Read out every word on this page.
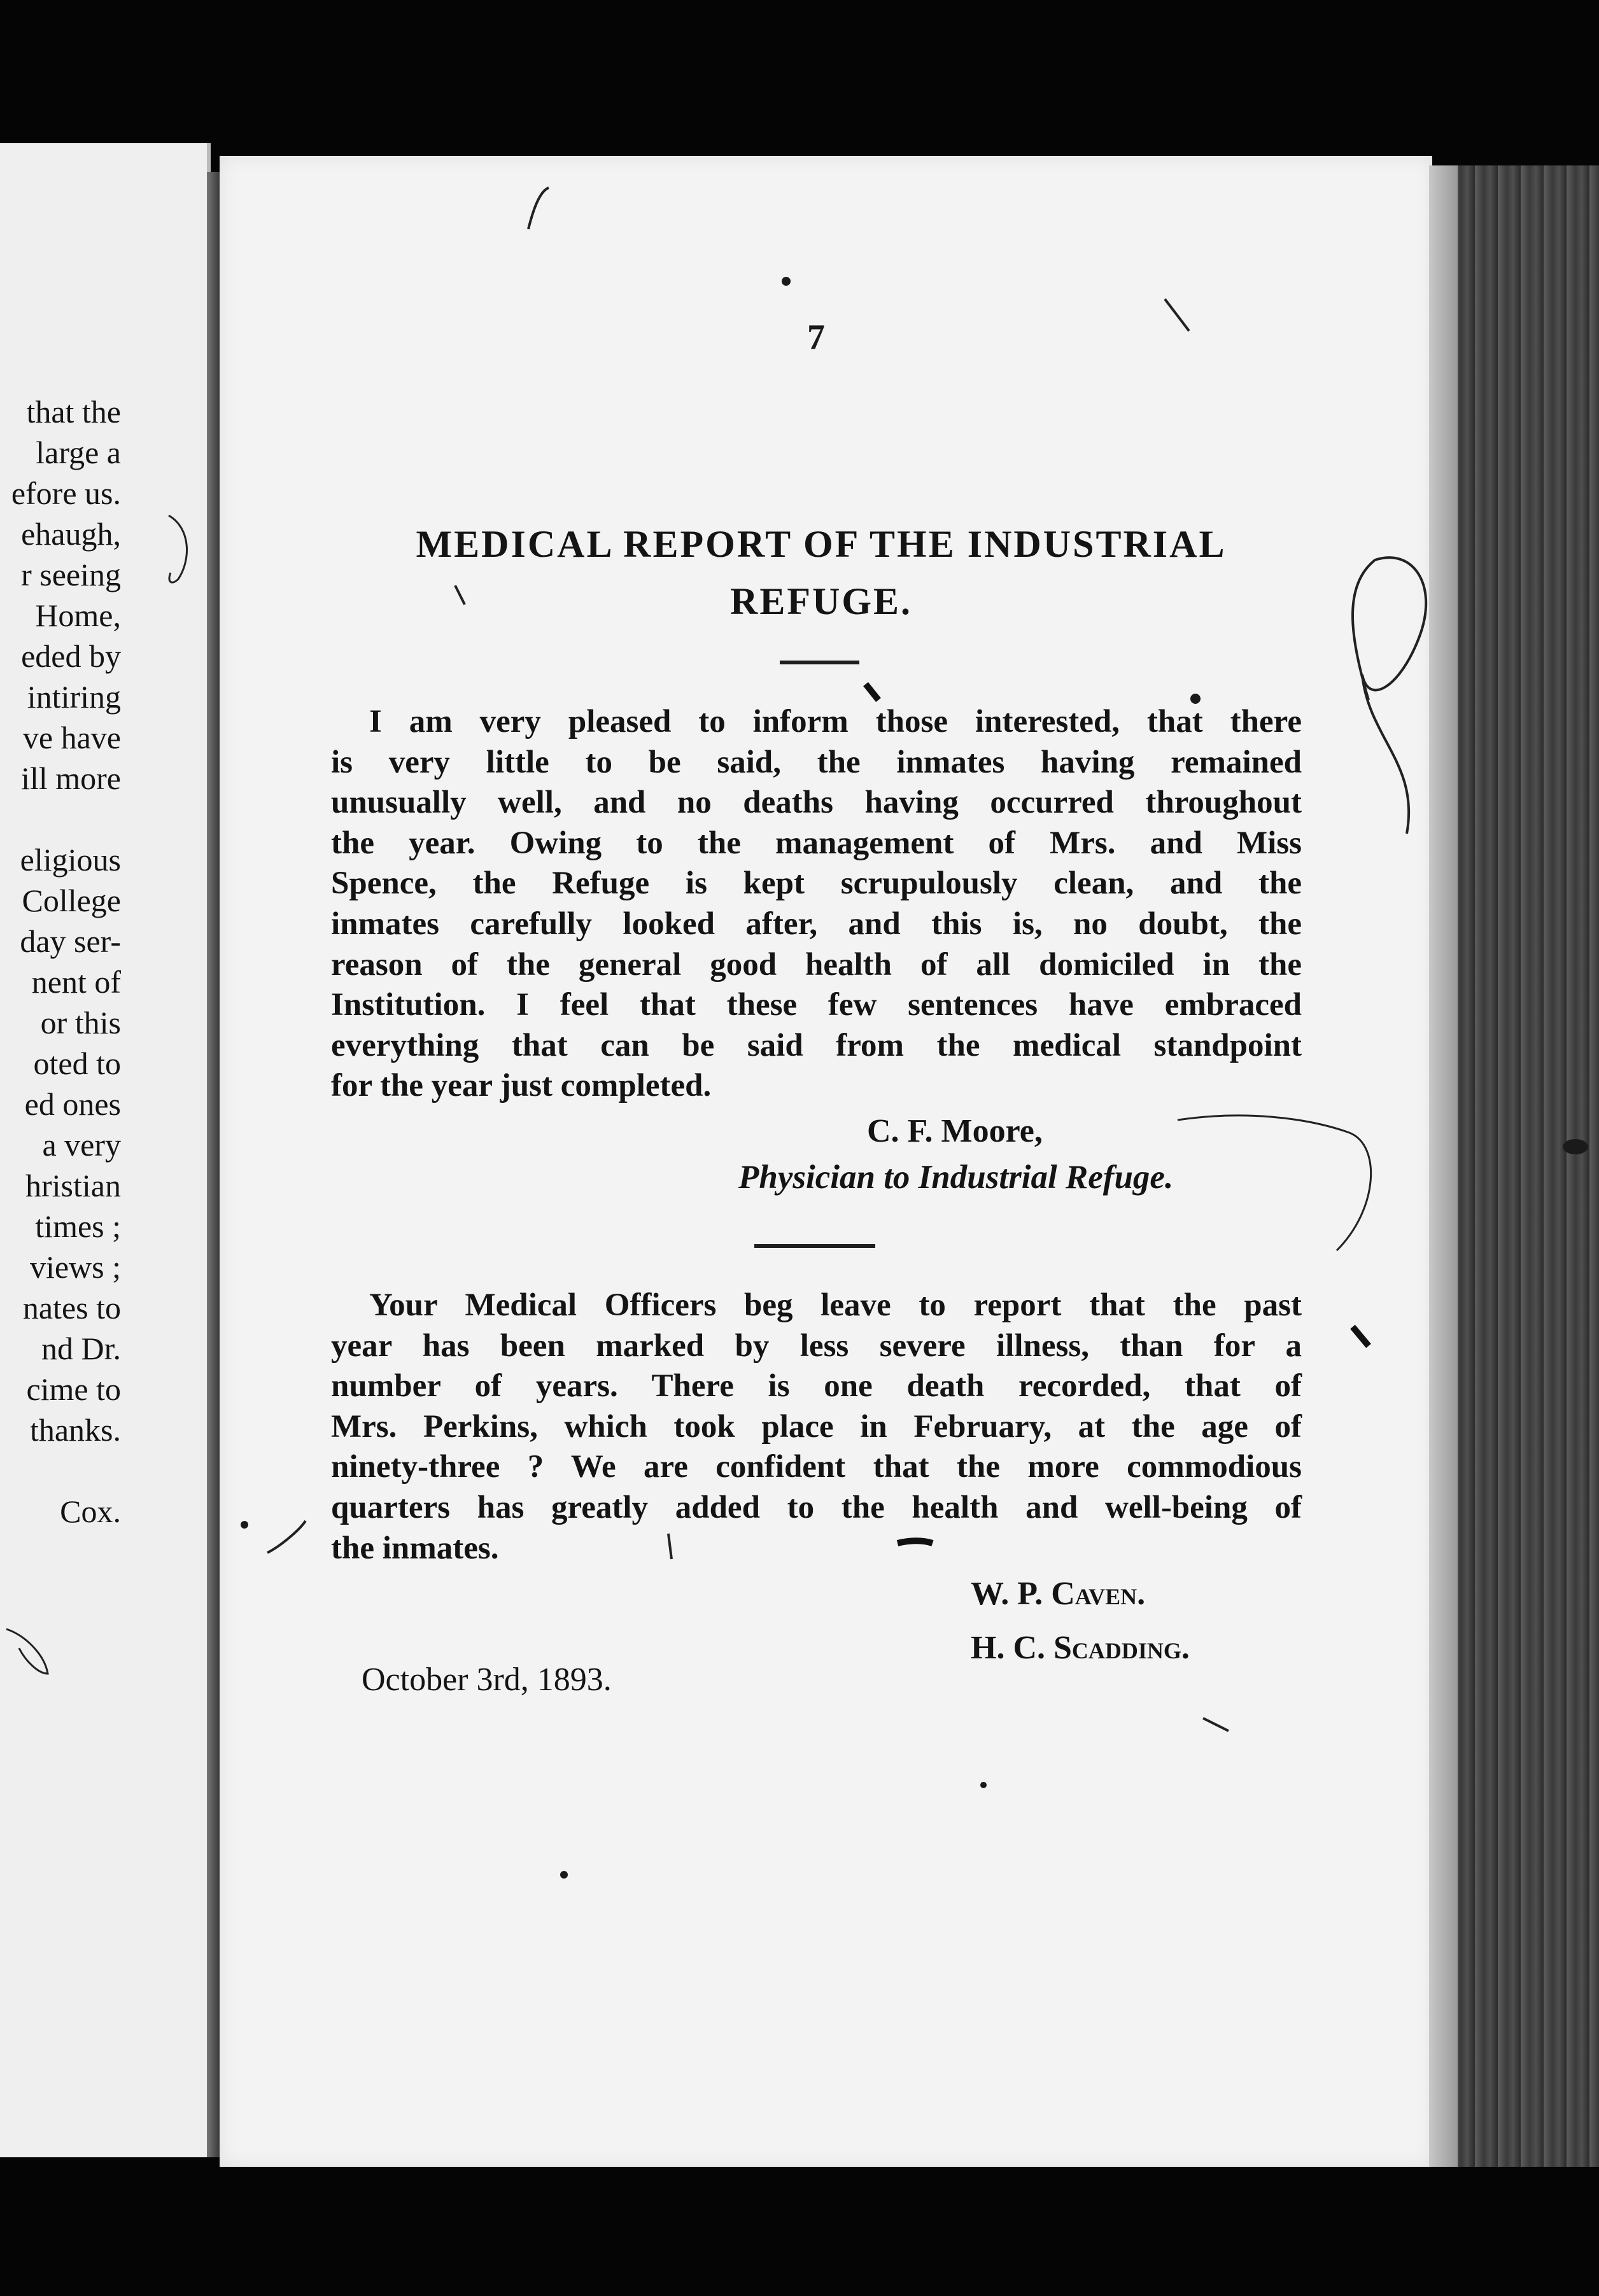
that the
large a
efore us.
ehaugh,
r seeing
Home,
eded by
intiring
ve have
ill more
eligious
College
day ser-
nent of
or this
oted to
ed ones
a very
hristian
times ;
views ;
nates to
nd Dr.
cime to
thanks.
Cox.
7
MEDICAL REPORT OF THE INDUSTRIAL
REFUGE.
I am very pleased to inform those interested, that there
is very little to be said, the inmates having remained
unusually well, and no deaths having occurred throughout
the year. Owing to the management of Mrs. and Miss
Spence, the Refuge is kept scrupulously clean, and the
inmates carefully looked after, and this is, no doubt, the
reason of the general good health of all domiciled in the
Institution. I feel that these few sentences have embraced
everything that can be said from the medical standpoint
for the year just completed.
C. F. Moore,
Physician to Industrial Refuge.
Your Medical Officers beg leave to report that the past
year has been marked by less severe illness, than for a
number of years. There is one death recorded, that of
Mrs. Perkins, which took place in February, at the age of
ninety-three ? We are confident that the more commodious
quarters has greatly added to the health and well-being of
the inmates.
W. P. Caven.
H. C. Scadding.
October 3rd, 1893.
